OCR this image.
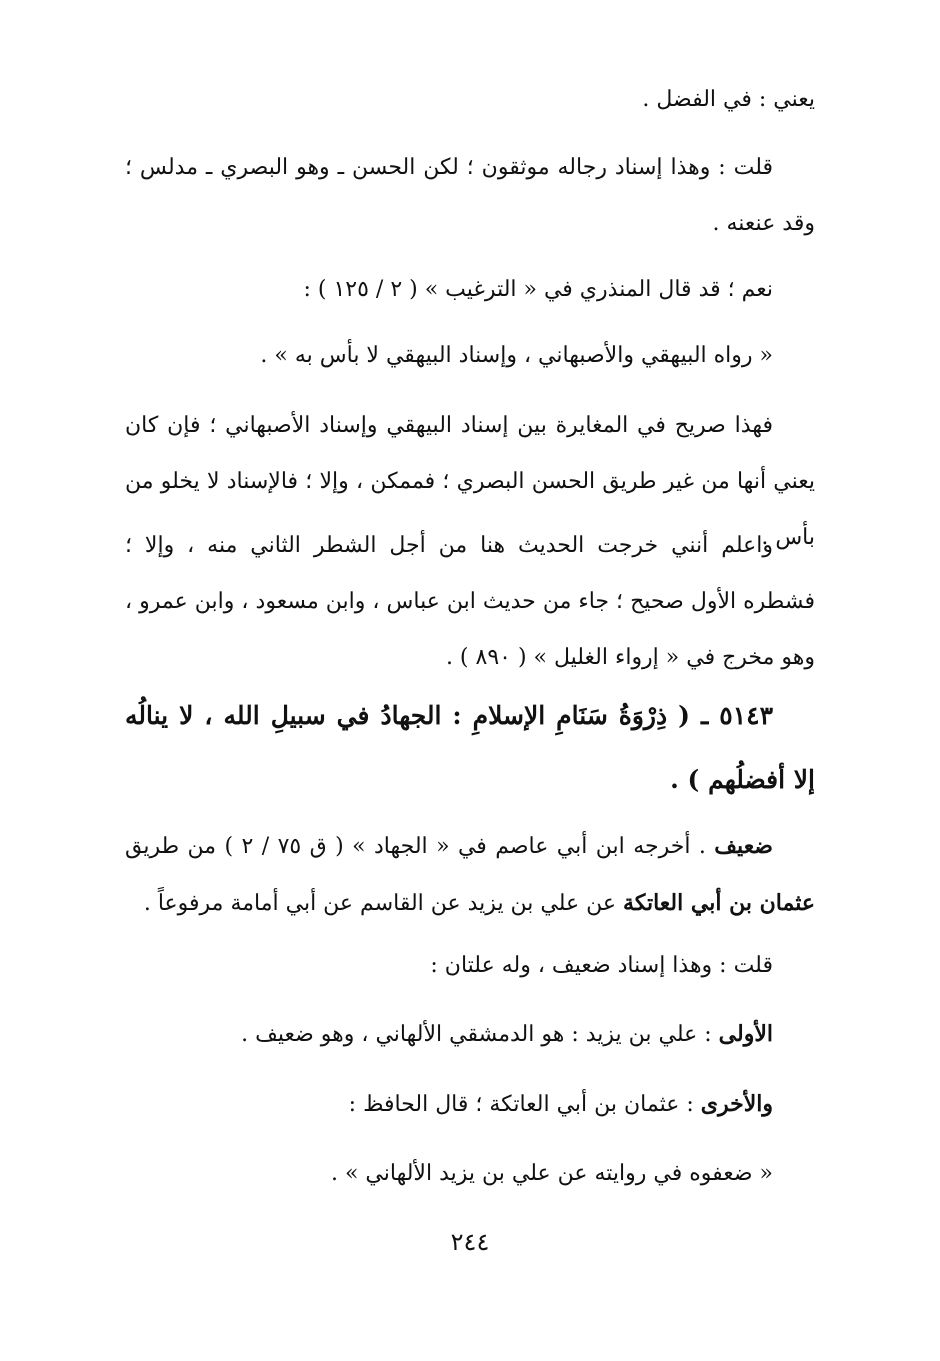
يعني : في الفضل .

قلت : وهذا إسناد رجاله موثقون ؛ لكن الحسن ـ وهو البصري ـ مدلس ؛ وقد عنعنه .

نعم ؛ قد قال المنذري في « الترغيب » ( ٢ / ١٢٥ ) :

« رواه البيهقي والأصبهاني ، وإسناد البيهقي لا بأس به » .

فهذا صريح في المغايرة بين إسناد البيهقي وإسناد الأصبهاني ؛ فإن كان يعني أنها من غير طريق الحسن البصري ؛ فممكن ، وإلا ؛ فالإسناد لا يخلو من بأس .

واعلم أنني خرجت الحديث هنا من أجل الشطر الثاني منه ، وإلا ؛ فشطره الأول صحيح ؛ جاء من حديث ابن عباس ، وابن مسعود ، وابن عمرو ، وهو مخرج في « إرواء الغليل » ( ٨٩٠ ) .

٥١٤٣ ـ ( ذِرْوَةُ سَنَامِ الإسلامِ : الجهادُ في سبيلِ الله ، لا ينالُه إلا أفضلُهم ) .

ضعيف . أخرجه ابن أبي عاصم في « الجهاد » ( ق ٧٥ / ٢ ) من طريق عثمان بن أبي العاتكة عن علي بن يزيد عن القاسم عن أبي أمامة مرفوعاً .

قلت : وهذا إسناد ضعيف ، وله علتان :

الأولى : علي بن يزيد : هو الدمشقي الألهاني ، وهو ضعيف .

والأخرى : عثمان بن أبي العاتكة ؛ قال الحافظ :

« ضعفوه في روايته عن علي بن يزيد الألهاني » .

٢٤٤
